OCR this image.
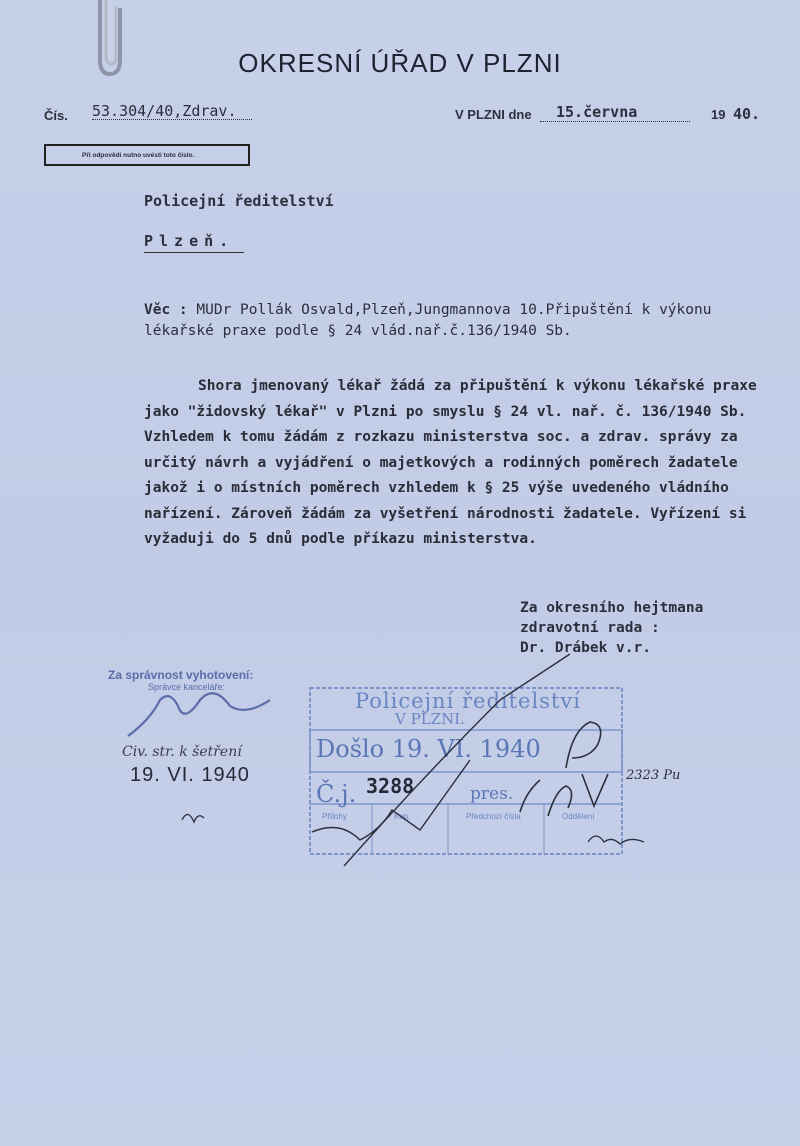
OKRESNÍ ÚŘAD V PLZNI
Čís. 53.304/40,Zdrav.	V PLZNI dne 15.června	19 40.
Při odpovědi nutno uvésti toto číslo.
Policejní ředitelství
Plzeň.
Věc : MUDr Pollák Osvald,Plzeň,Jungmannova 10.Připuštění k výkonu lékařské praxe podle § 24 vlád.nař.č.136/1940 Sb.

Shora jmenovaný lékař žádá za připuštění k výkonu lékařské praxe jako "židovský lékař" v Plzni po smyslu § 24 vl. nař. č. 136/1940 Sb. Vzhledem k tomu žádám z rozkazu ministerstva soc. a zdrav. správy za určitý návrh a vyjádření o majetkových a rodinných poměrech žadatele jakož i o místních poměrech vzhledem k § 25 výše uvedeného vládního nařízení. Zároveň žádám za vyšetření národnosti žadatele. Vyřízení si vyžaduji do 5 dnů podle příkazu ministerstva.

Za okresního hejtmana
zdravotní rada :
Dr. Drábek v.r.
Za správnost vyhotovení:
Správce kanceláře:
Civ. str. k šetření
19. VI. 1940
Policejní ředitelství
V PLZNI.
Došlo 19. VI. 1940
Č.j. 3288	pres.
Přílohy	Kop.	Předchozí čísla	Oddělení
2323 Pu
